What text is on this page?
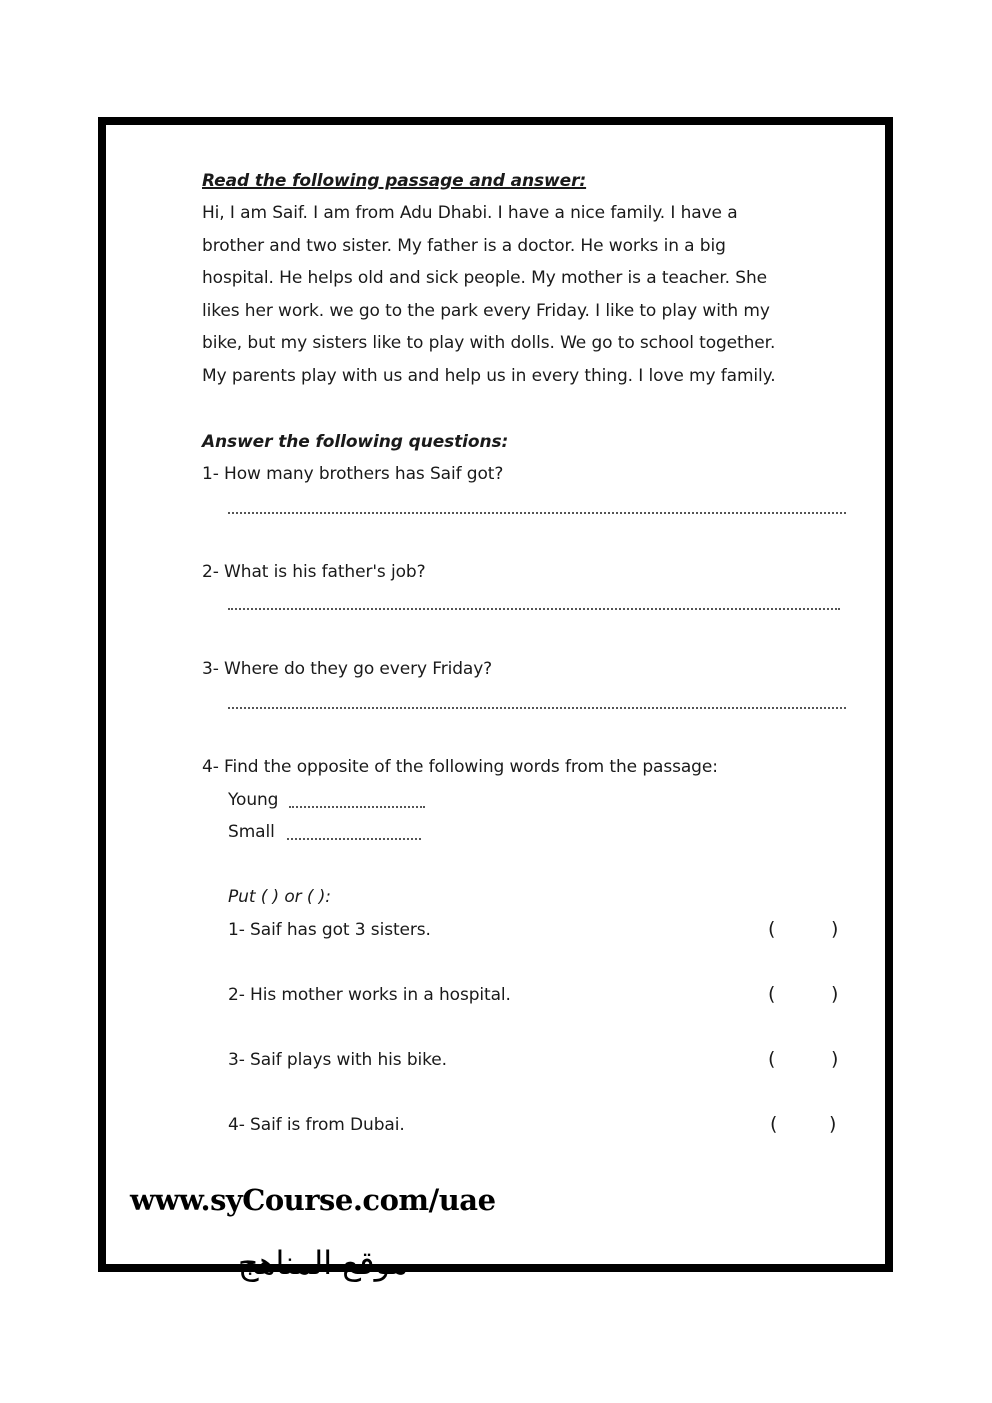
Read the following passage and answer:
Hi, I am Saif. I am from Adu Dhabi. I have a nice family. I have a
brother and two sister. My father is a doctor. He works in a big
hospital. He helps old and sick people. My mother is a teacher. She
likes her work. we go to the park every Friday. I like to play with my
bike, but my sisters like to play with dolls. We go to school together.
My parents play with us and help us in every thing. I love my family.
Answer the following questions:
1- How many brothers has Saif got?
2- What is his father's job?
3- Where do they go every Friday?
4- Find the opposite of the following words from the passage:
Young
Small
Put ( ) or ( ):
1- Saif has got 3 sisters.	(	)
2- His mother works in a hospital.	(	)
3- Saif plays with his bike.	(	)
4- Saif is from Dubai.	(	)
www.syCourse.com/uae
موقع المناهج
